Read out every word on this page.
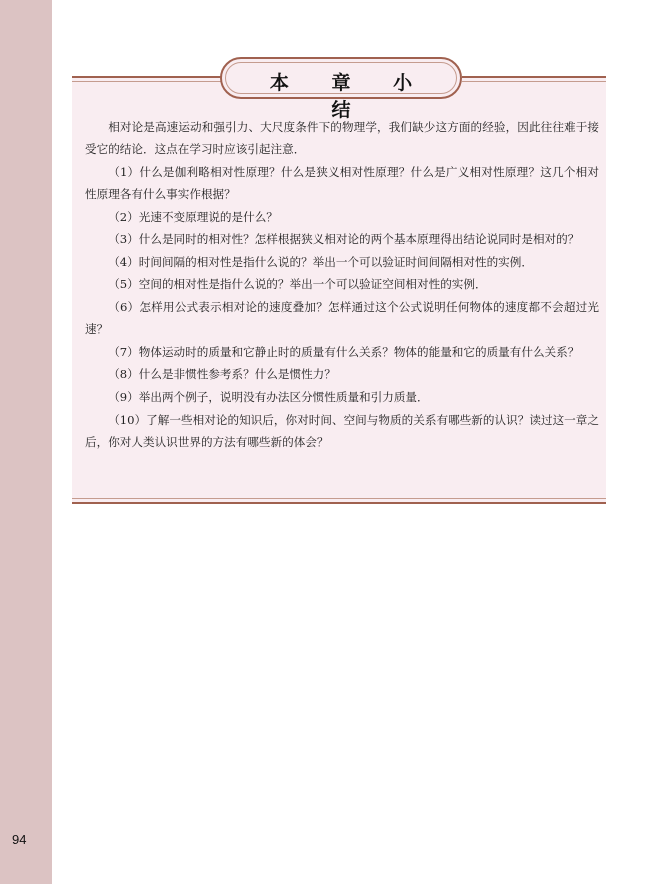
本 章 小 结

相对论是高速运动和强引力、大尺度条件下的物理学，我们缺少这方面的经验，因此往往难于接受它的结论．这点在学习时应该引起注意．

（1）什么是伽利略相对性原理？什么是狭义相对性原理？什么是广义相对性原理？这几个相对性原理各有什么事实作根据？

（2）光速不变原理说的是什么？

（3）什么是同时的相对性？怎样根据狭义相对论的两个基本原理得出结论说同时是相对的？

（4）时间间隔的相对性是指什么说的？举出一个可以验证时间间隔相对性的实例．

（5）空间的相对性是指什么说的？举出一个可以验证空间相对性的实例．

（6）怎样用公式表示相对论的速度叠加？怎样通过这个公式说明任何物体的速度都不会超过光速？

（7）物体运动时的质量和它静止时的质量有什么关系？物体的能量和它的质量有什么关系？

（8）什么是非惯性参考系？什么是惯性力？

（9）举出两个例子，说明没有办法区分惯性质量和引力质量．

（10）了解一些相对论的知识后，你对时间、空间与物质的关系有哪些新的认识？读过这一章之后，你对人类认识世界的方法有哪些新的体会？

94
